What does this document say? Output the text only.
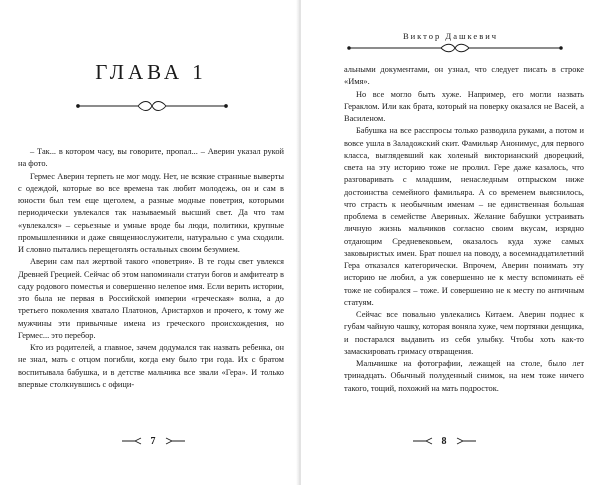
ГЛАВА 1

– Так... в котором часу, вы говорите, пропал... – Аверин указал рукой на фото.

Гермес Аверин терпеть не мог моду. Нет, не всякие странные выверты с одеждой, которые во все времена так любит молодежь, он и сам в юности был тем еще щеголем, а разные модные поветрия, которыми периодически увлекался так называемый высший свет. Да что там «увлекался» – серьезные и умные вроде бы люди, политики, крупные промышленники и даже священнослужители, натурально с ума сходили. И словно пытались перещеголять остальных своим безумием.

Аверин сам пал жертвой такого «поветрия». В те годы свет увлекся Древней Грецией. Сейчас об этом напоминали статуи богов и амфитеатр в саду родового поместья и совершенно нелепое имя. Если верить истории, это была не первая в Российской империи «греческая» волна, а до третьего поколения хватало Платонов, Аристархов и прочего, к тому же мужчины эти привычные имена из греческого происхождения, но Гермес... это перебор.

Кто из родителей, а главное, зачем додумался так назвать ребенка, он не знал, мать с отцом погибли, когда ему было три года. Их с братом воспитывала бабушка, и в детстве мальчика все звали «Гера». И только впервые столкнувшись с офици-

7
Виктор Дашкевич

альными документами, он узнал, что следует писать в строке «Имя».

Но все могло быть хуже. Например, его могли назвать Гераклом. Или как брата, который на поверку оказался не Васей, а Василеном.

Бабушка на все расспросы только разводила руками, а потом и вовсе ушла в Заладожский скит. Фамильяр Анонимус, для первого класса, выглядевший как холеный викторианский дворецкий, света на эту историю тоже не пролил. Гере даже казалось, что разговаривать с младшим, ненаследным отпрыском ниже достоинства семейного фамильяра. А со временем выяснилось, что страсть к необычным именам – не единственная большая проблема в семействе Авериных. Желание бабушки устраивать личную жизнь мальчиков согласно своим вкусам, изрядно отдающим Средневековьем, оказалось куда хуже самых заковыристых имен. Брат пошел на поводу, а восемнадцатилетний Гера отказался категорически. Впрочем, Аверин понимать эту историю не любил, а уж совершенно не к месту вспоминать её тоже не собирался – тоже. И совершенно не к месту по античным статуям.

Сейчас все повально увлекались Китаем. Аверин поднес к губам чайную чашку, которая воняла хуже, чем портянки денщика, и постарался выдавить из себя улыбку. Чтобы хоть как-то замаскировать гримасу отвращения.

Мальчишке на фотографии, лежащей на столе, было лет тринадцать. Обычный полуденный снимок, на нем тоже ничего такого, тощий, похожий на мать подросток.

8
